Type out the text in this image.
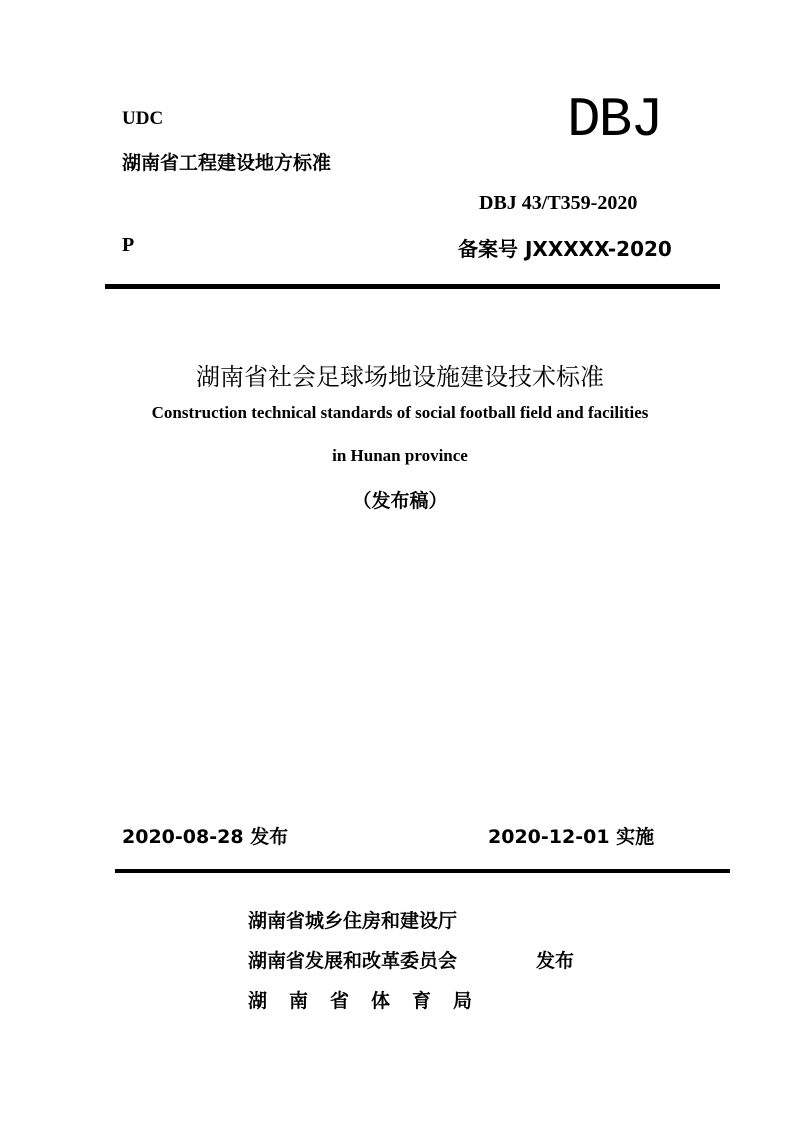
UDC
湖南省工程建设地方标准
DBJ
DBJ 43/T359-2020
P	备案号 JXXXXX-2020
湖南省社会足球场地设施建设技术标准
Construction technical standards of social football field and facilities
in Hunan province
（发布稿）
2020-08-28 发布	2020-12-01 实施
湖南省城乡住房和建设厅
湖南省发展和改革委员会
湖南省体育局
发布
